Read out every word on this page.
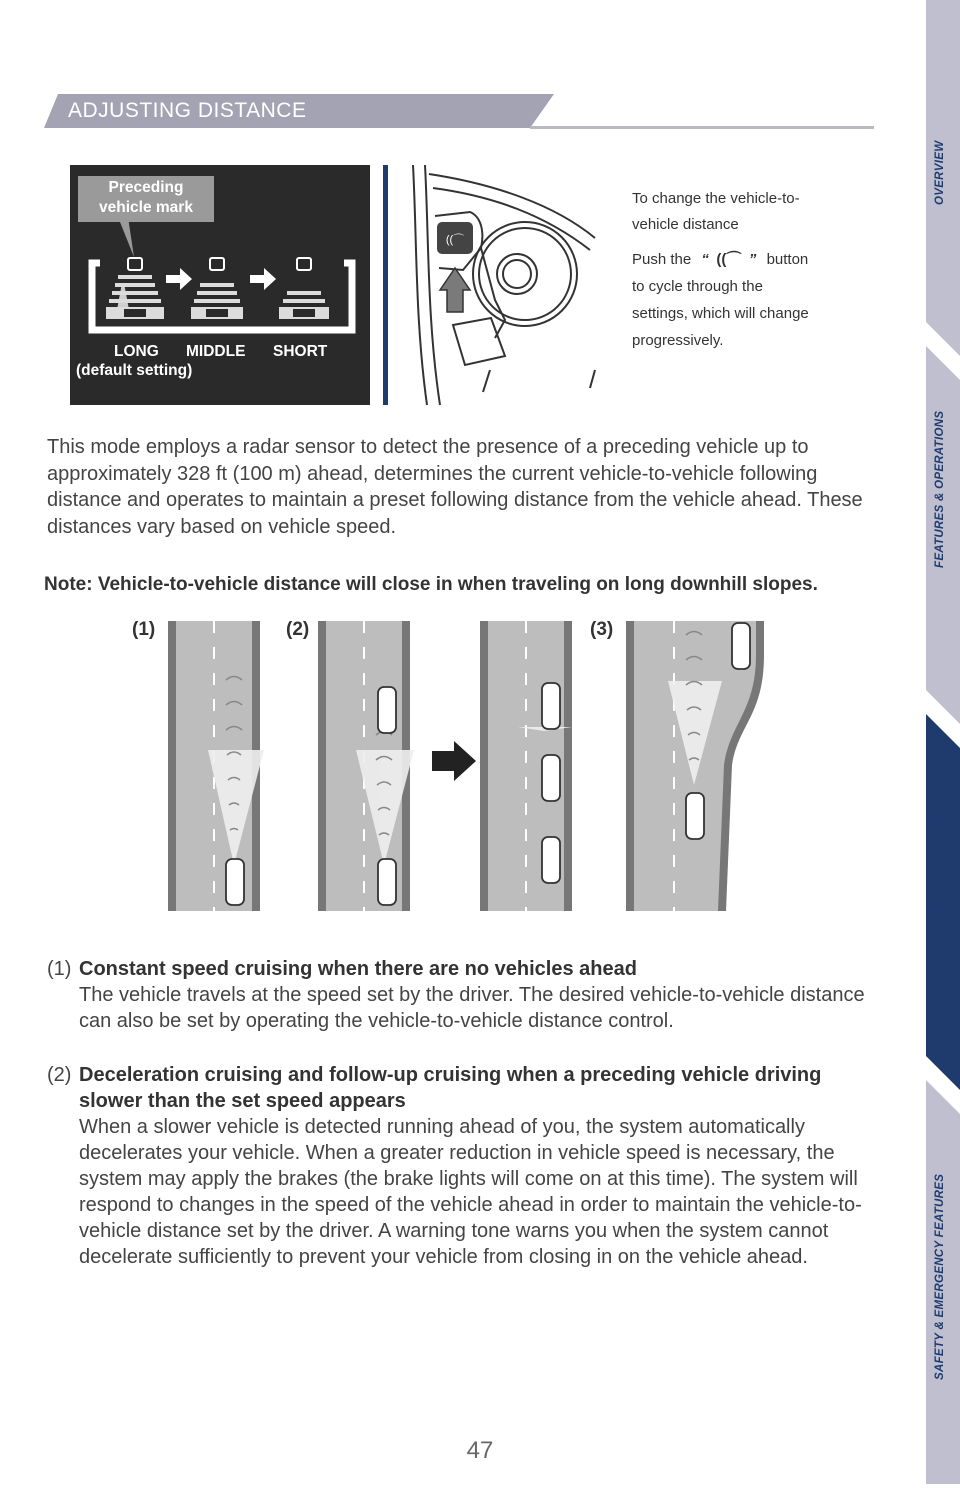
ADJUSTING DISTANCE
OVERVIEW
FEATURES & OPERATIONS
TOYOTA SAFETY SENSE
SAFETY & EMERGENCY FEATURES
LONG MIDDLE SHORT
(default setting)
Preceding
vehicle mark
((⌒
To change the vehicle-to-
vehicle distance
Push the “ ((⌒ ” button
to cycle through the
settings, which will change
progressively.
This mode employs a radar sensor to detect the presence of a preceding vehicle up to approximately 328 ft (100 m) ahead, determines the current vehicle-to-vehicle following distance and operates to maintain a preset following distance from the vehicle ahead. These distances vary based on vehicle speed.
Note: Vehicle-to-vehicle distance will close in when traveling on long downhill slopes.
(1)	(2)	(3)
(1) Constant speed cruising when there are no vehicles ahead
The vehicle travels at the speed set by the driver. The desired vehicle-to-vehicle distance can also be set by operating the vehicle-to-vehicle distance control.
(2) Deceleration cruising and follow-up cruising when a preceding vehicle driving slower than the set speed appears
When a slower vehicle is detected running ahead of you, the system automatically decelerates your vehicle. When a greater reduction in vehicle speed is necessary, the system may apply the brakes (the brake lights will come on at this time). The system will respond to changes in the speed of the vehicle ahead in order to maintain the vehicle-to-vehicle distance set by the driver. A warning tone warns you when the system cannot decelerate sufficiently to prevent your vehicle from closing in on the vehicle ahead.
47
